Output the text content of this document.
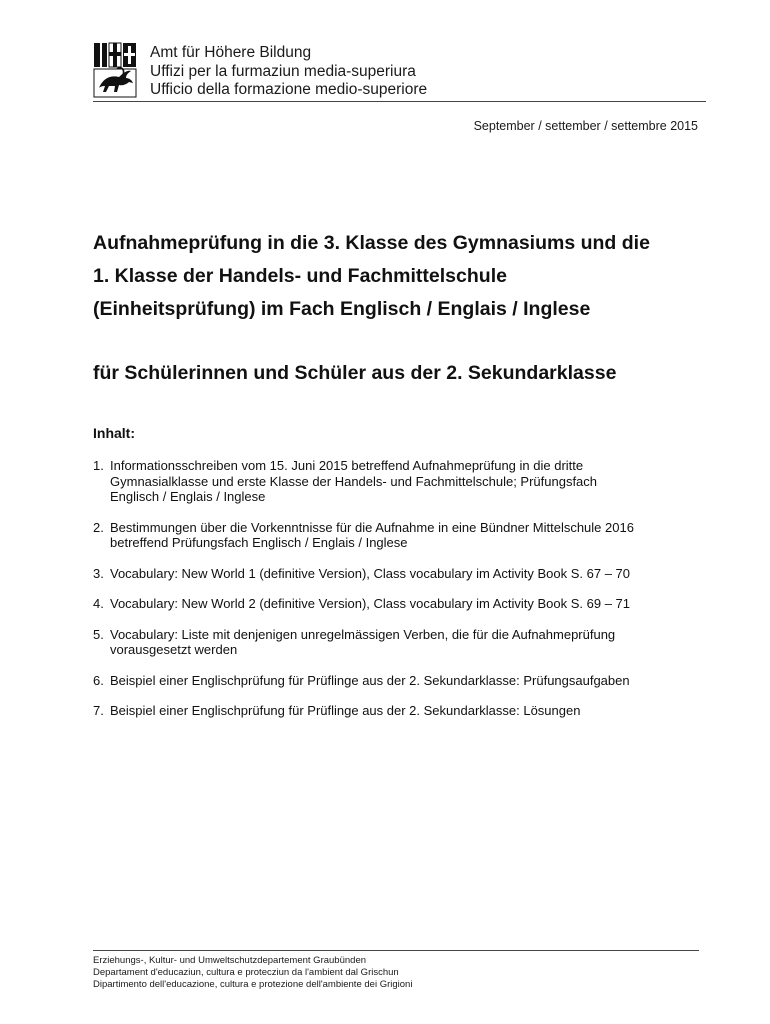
Amt für Höhere Bildung
Uffizi per la furmaziun media-superiura
Ufficio della formazione medio-superiore
September / settember / settembre 2015
Aufnahmeprüfung in die 3. Klasse des Gymnasiums und die
1. Klasse der Handels- und Fachmittelschule
(Einheitsprüfung) im Fach Englisch / Englais / Inglese
für Schülerinnen und Schüler aus der 2. Sekundarklasse
Inhalt:
1. Informationsschreiben vom 15. Juni 2015 betreffend Aufnahmeprüfung in die dritte
Gymnasialklasse und erste Klasse der Handels- und Fachmittelschule; Prüfungsfach
Englisch / Englais / Inglese
2. Bestimmungen über die Vorkenntnisse für die Aufnahme in eine Bündner Mittelschule 2016
betreffend Prüfungsfach Englisch / Englais / Inglese
3. Vocabulary: New World 1 (definitive Version), Class vocabulary im Activity Book S. 67 – 70
4. Vocabulary: New World 2 (definitive Version), Class vocabulary im Activity Book S. 69 – 71
5. Vocabulary: Liste mit denjenigen unregelmässigen Verben, die für die Aufnahmeprüfung
vorausgesetzt werden
6. Beispiel einer Englischprüfung für Prüflinge aus der 2. Sekundarklasse: Prüfungsaufgaben
7. Beispiel einer Englischprüfung für Prüflinge aus der 2. Sekundarklasse: Lösungen
Erziehungs-, Kultur- und Umweltschutzdepartement Graubünden
Departament d'educaziun, cultura e protecziun da l'ambient dal Grischun
Dipartimento dell'educazione, cultura e protezione dell'ambiente dei Grigioni
